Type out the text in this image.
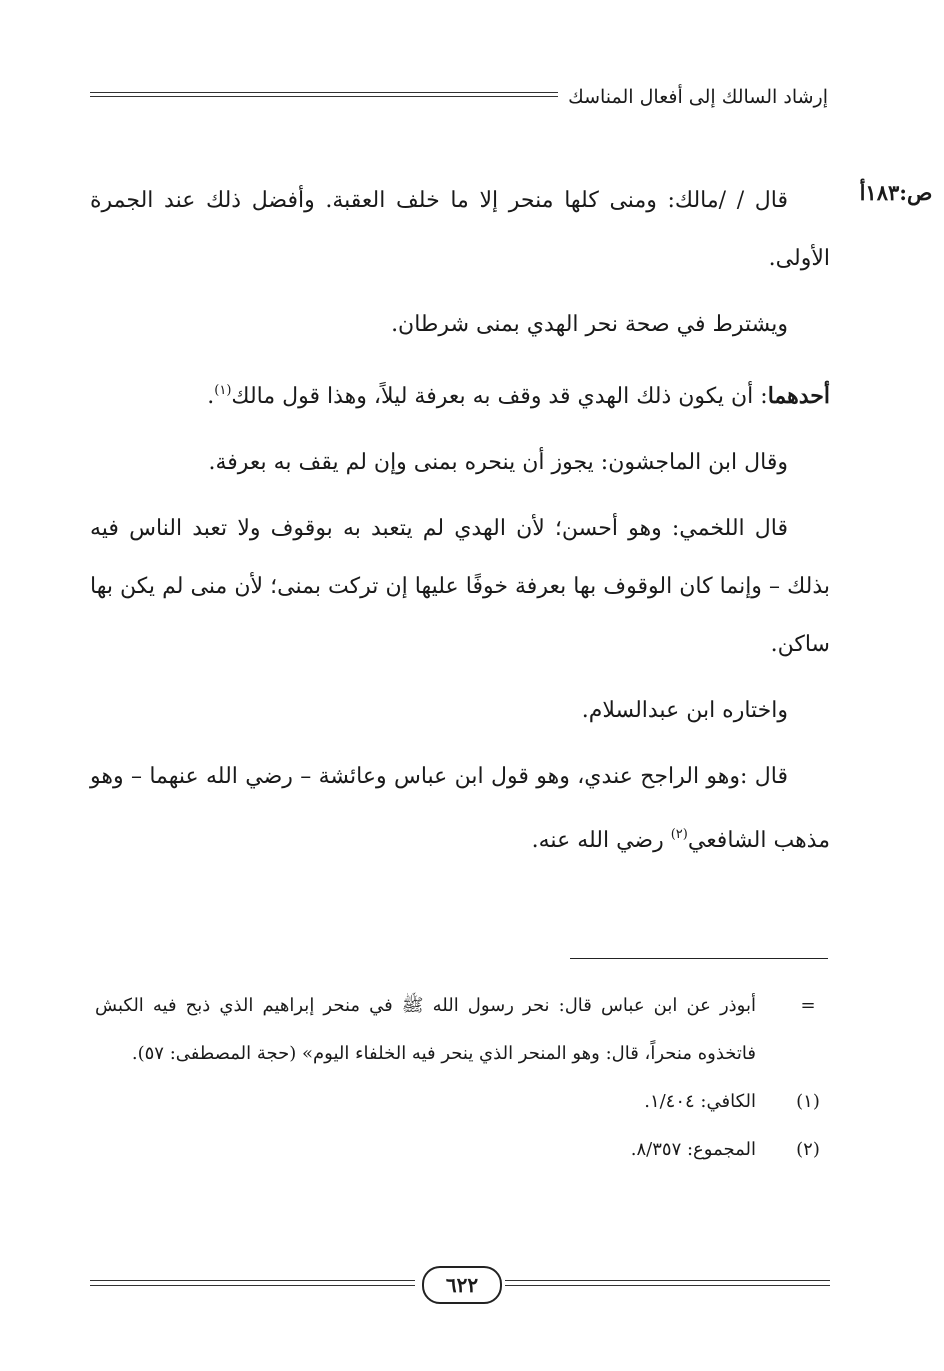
إرشاد السالك إلى أفعال المناسك
ص:١٨٣أ

قال / /مالك: ومنى كلها منحر إلا ما خلف العقبة. وأفضل ذلك عند الجمرة الأولى.

ويشترط في صحة نحر الهدي بمنى شرطان.

أحدهما: أن يكون ذلك الهدي قد وقف به بعرفة ليلاً، وهذا قول مالك$^{(١)}$.

وقال ابن الماجشون: يجوز أن ينحره بمنى وإن لم يقف به بعرفة.

قال اللخمي: وهو أحسن؛ لأن الهدي لم يتعبد به بوقوف ولا تعبد الناس فيه بذلك – وإنما كان الوقوف بها بعرفة خوفًا عليها إن تركت بمنى؛ لأن منى لم يكن بها ساكن.

واختاره ابن عبدالسلام.

قال :وهو الراجح عندي، وهو قول ابن عباس وعائشة – رضي الله عنهما – وهو مذهب الشافعي$^{(٢)}$ رضي الله عنه.

=
أبوذر عن ابن عباس قال: نحر رسول الله ﷺ في منحر إبراهيم الذي ذبح فيه الكبش فاتخذوه منحراً، قال: وهو المنحر الذي ينحر فيه الخلفاء اليوم» (حجة المصطفى: ٥٧).

(١)
الكافي: ١/٤٠٤.

(٢)
المجموع: ٨/٣٥٧.

٦٢٢
